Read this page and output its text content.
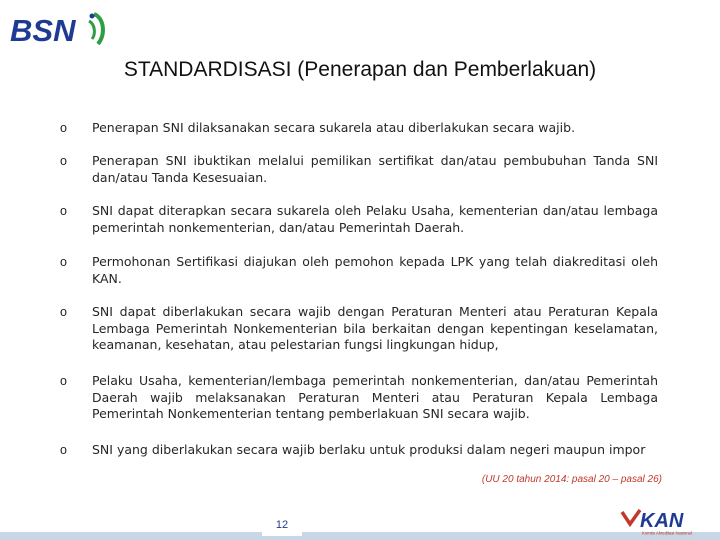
BSN
STANDARDISASI (Penerapan dan Pemberlakuan)
o Penerapan SNI dilaksanakan secara sukarela atau diberlakukan secara wajib.
o Penerapan SNI ibuktikan melalui pemilikan sertifikat dan/atau pembubuhan Tanda SNI dan/atau Tanda Kesesuaian.
o SNI dapat diterapkan secara sukarela oleh Pelaku Usaha, kementerian dan/atau lembaga pemerintah nonkementerian, dan/atau Pemerintah Daerah.
o Permohonan Sertifikasi diajukan oleh pemohon kepada LPK yang telah diakreditasi oleh KAN.
o SNI dapat diberlakukan secara wajib dengan Peraturan Menteri atau Peraturan Kepala Lembaga Pemerintah Nonkementerian bila berkaitan dengan kepentingan keselamatan, keamanan, kesehatan, atau pelestarian fungsi lingkungan hidup,
o Pelaku Usaha, kementerian/lembaga pemerintah nonkementerian, dan/atau Pemerintah Daerah wajib melaksanakan Peraturan Menteri atau Peraturan Kepala Lembaga Pemerintah Nonkementerian tentang pemberlakuan SNI secara wajib.
o SNI yang diberlakukan secara wajib berlaku untuk produksi dalam negeri maupun impor
(UU 20 tahun 2014: pasal 20 – pasal 26)
12	KAN
Komite Akreditasi Nasional
